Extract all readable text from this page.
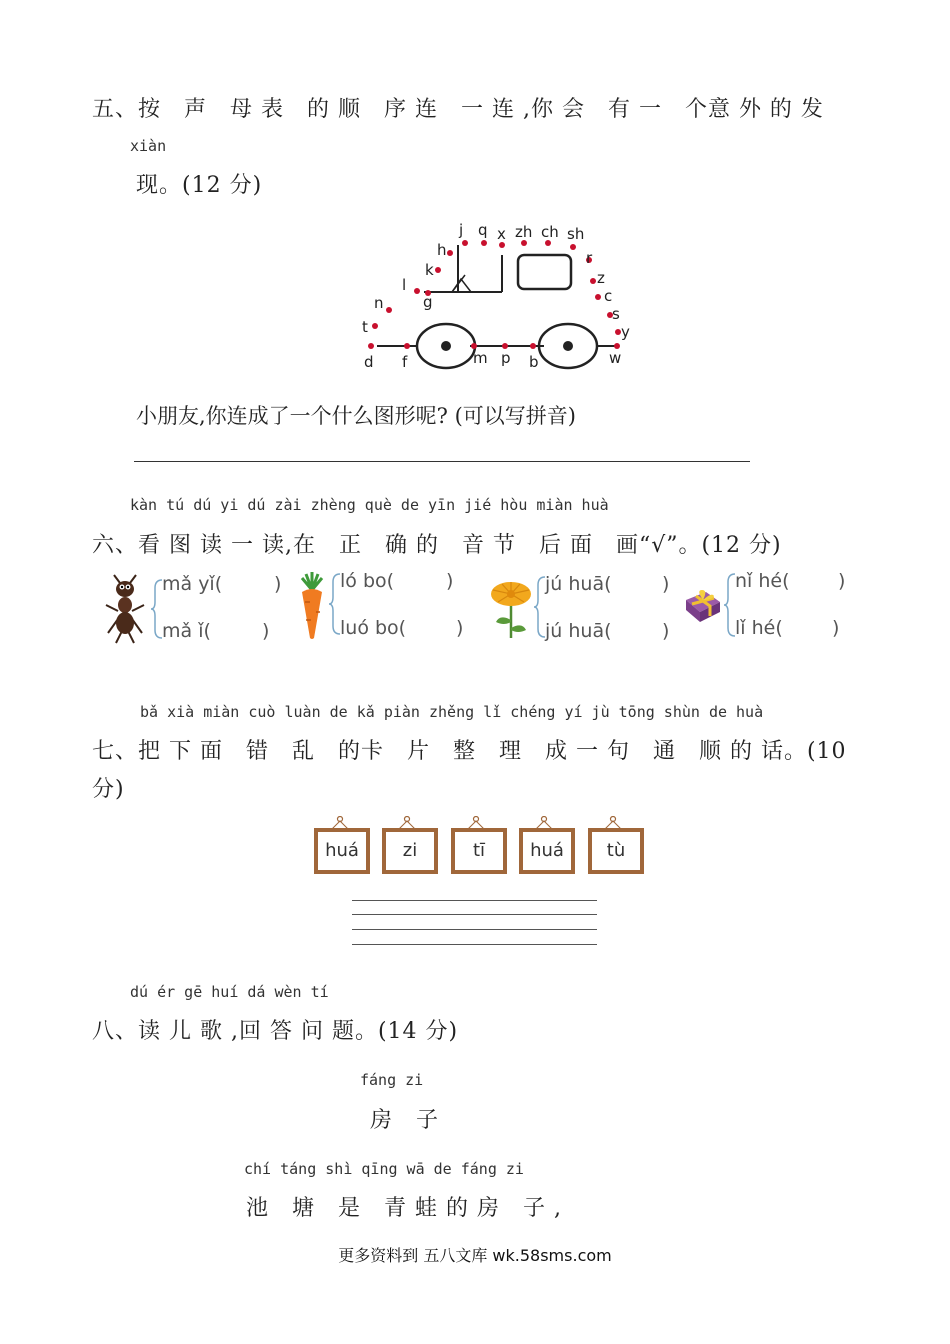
五、按　声　母 表　的 顺　序 连　一 连 ,你 会　有 一　个意 外 的 发
xiàn
现。(12 分)
j q x zh ch sh
h
k
l
g
n
t
d f	m p b
r
z
c
s
y
w
小朋友,你连成了一个什么图形呢? (可以写拼音)
kàn tú dú yi dú zài zhèng què de yīn jié hòu miàn huà
六、看 图 读 一 读,在　正　确 的　音 节　后 面　画“√”。(12 分)
mǎ yǐ(	)
mǎ ǐ(	)
ló bo(	)
luó bo(	)
jú huā(	)
jú huā(	)
nǐ hé(	)
lǐ hé(	)
bǎ xià miàn cuò luàn de kǎ piàn zhěng lǐ chéng yí jù tōng shùn de huà
七、把 下 面　错　乱　的卡　片　整　理　成 一 句　通　顺 的 话。(10
分)
huá	zi	tī	huá	tù
dú ér gē huí dá wèn tí
八、读 儿 歌 ,回 答 问 题。(14 分)
fáng zi
房　子
chí táng shì qīng wā de fáng zi
池　塘　是　青 蛙 的 房　子 ,
更多资料到 五八文库 wk.58sms.com
